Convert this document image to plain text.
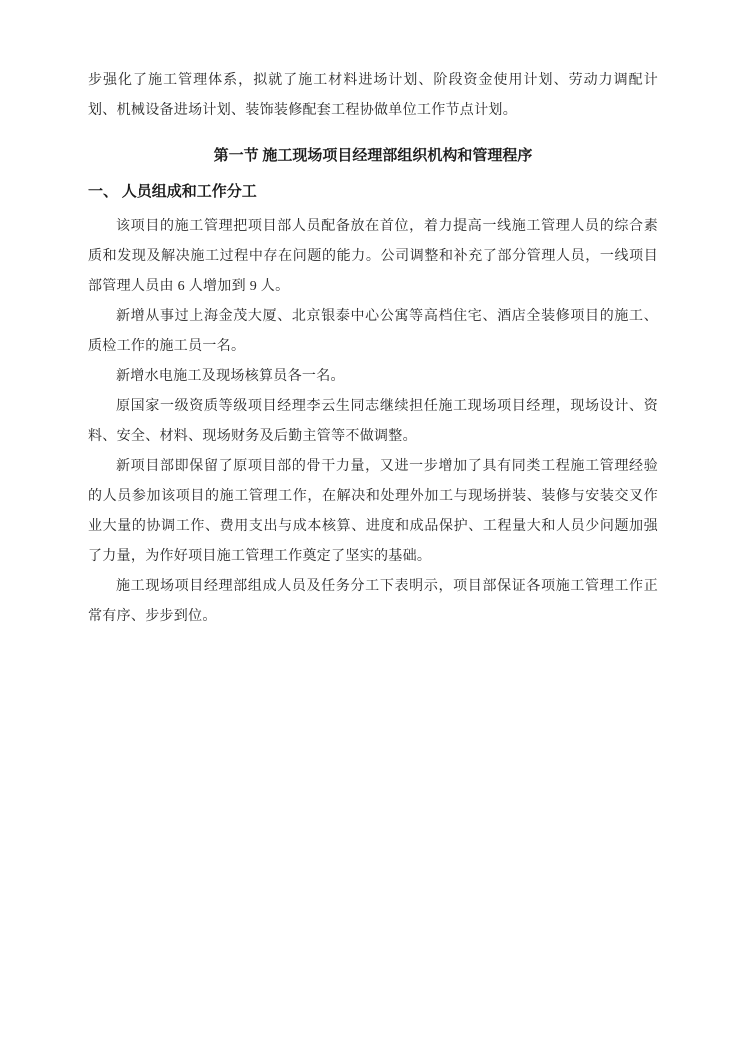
步强化了施工管理体系，拟就了施工材料进场计划、阶段资金使用计划、劳动力调配计划、机械设备进场计划、装饰装修配套工程协做单位工作节点计划。

第一节 施工现场项目经理部组织机构和管理程序
一、 人员组成和工作分工

该项目的施工管理把项目部人员配备放在首位，着力提高一线施工管理人员的综合素质和发现及解决施工过程中存在问题的能力。公司调整和补充了部分管理人员，一线项目部管理人员由 6 人增加到 9 人。

新增从事过上海金茂大厦、北京银泰中心公寓等高档住宅、酒店全装修项目的施工、质检工作的施工员一名。

新增水电施工及现场核算员各一名。

原国家一级资质等级项目经理李云生同志继续担任施工现场项目经理，现场设计、资料、安全、材料、现场财务及后勤主管等不做调整。

新项目部即保留了原项目部的骨干力量，又进一步增加了具有同类工程施工管理经验的人员参加该项目的施工管理工作，在解决和处理外加工与现场拼装、装修与安装交叉作业大量的协调工作、费用支出与成本核算、进度和成品保护、工程量大和人员少问题加强了力量，为作好项目施工管理工作奠定了坚实的基础。

施工现场项目经理部组成人员及任务分工下表明示，项目部保证各项施工管理工作正常有序、步步到位。
